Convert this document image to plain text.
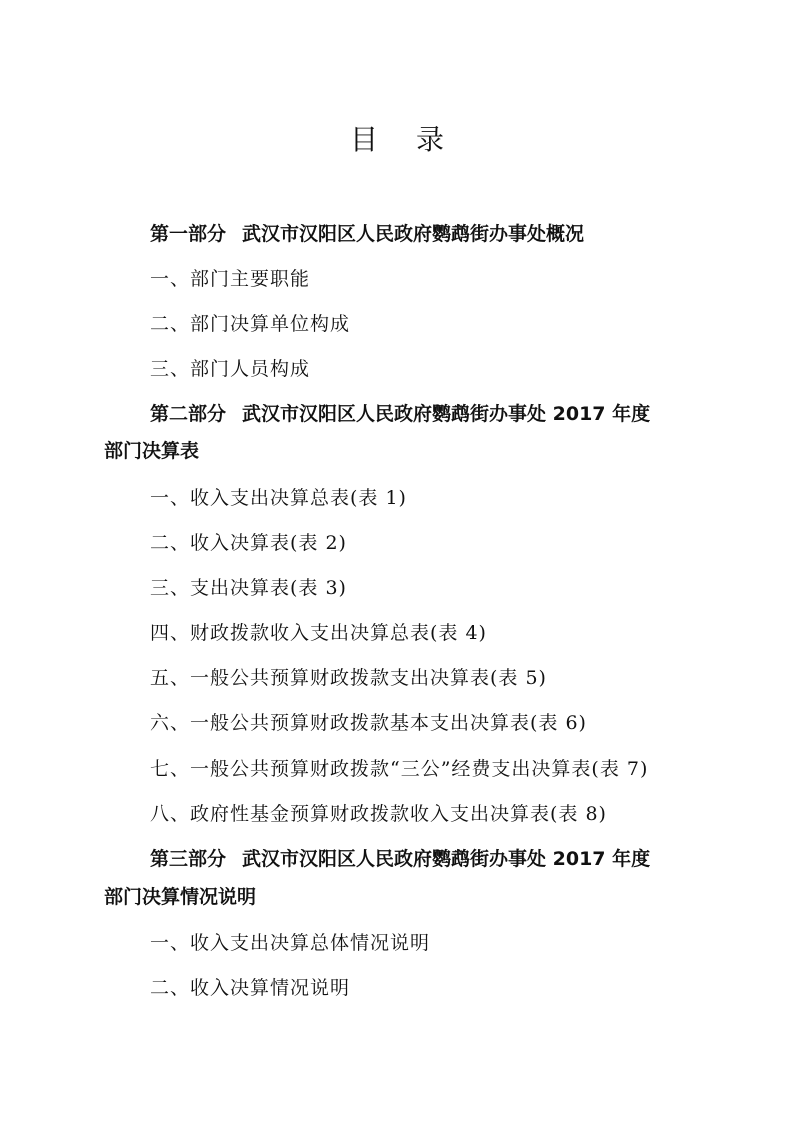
目 录
第一部分 武汉市汉阳区人民政府鹦鹉街办事处概况
一、部门主要职能
二、部门决算单位构成
三、部门人员构成
第二部分 武汉市汉阳区人民政府鹦鹉街办事处 2017 年度
部门决算表
一、收入支出决算总表(表 1)
二、收入决算表(表 2)
三、支出决算表(表 3)
四、财政拨款收入支出决算总表(表 4)
五、一般公共预算财政拨款支出决算表(表 5)
六、一般公共预算财政拨款基本支出决算表(表 6)
七、一般公共预算财政拨款“三公”经费支出决算表(表 7)
八、政府性基金预算财政拨款收入支出决算表(表 8)
第三部分 武汉市汉阳区人民政府鹦鹉街办事处 2017 年度
部门决算情况说明
一、收入支出决算总体情况说明
二、收入决算情况说明
